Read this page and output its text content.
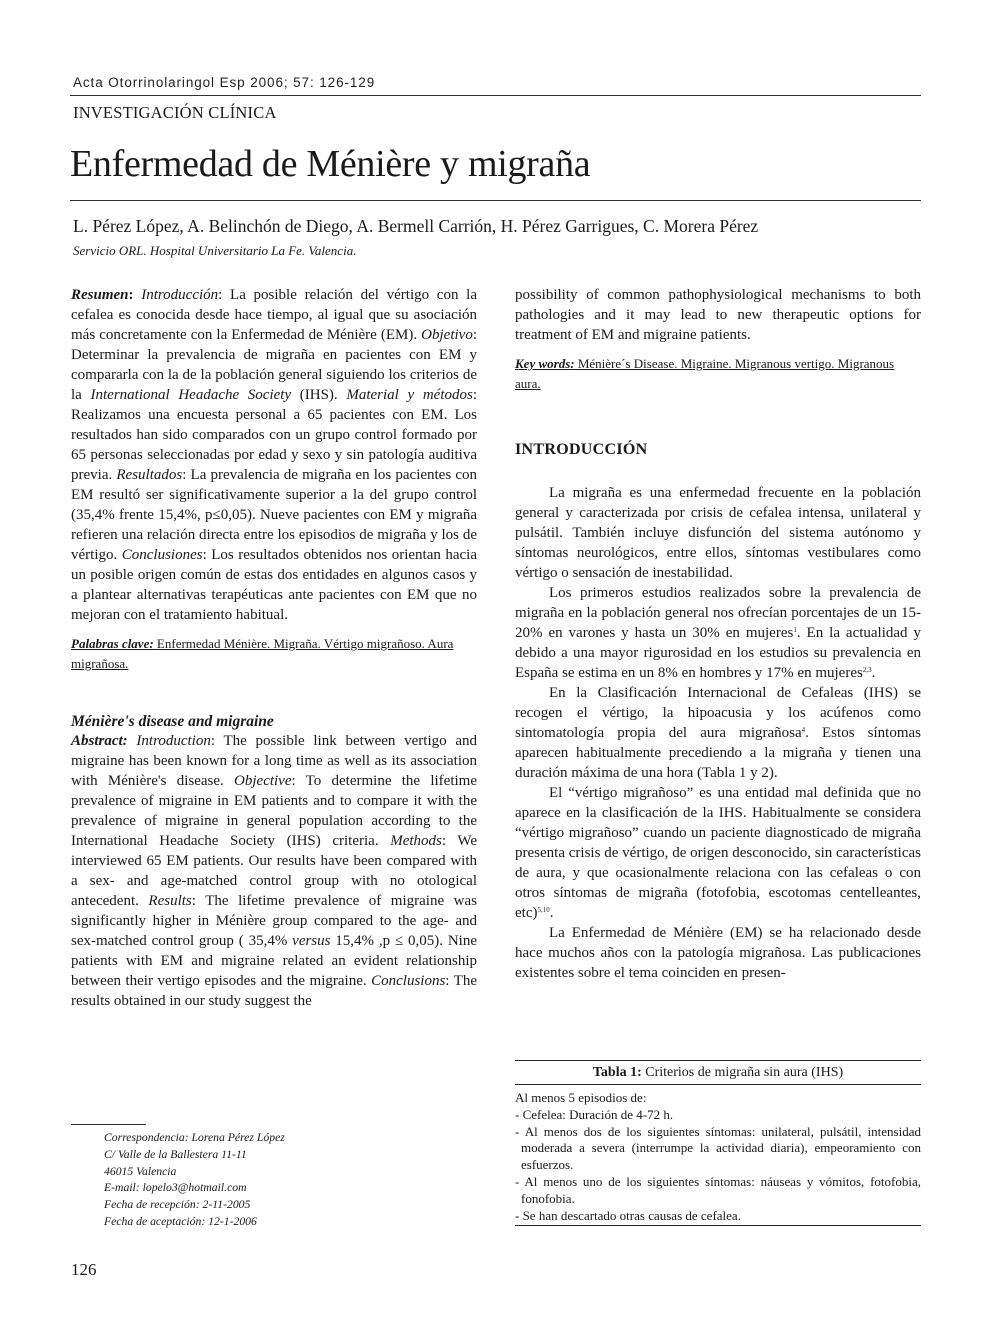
Acta Otorrinolaringol Esp 2006; 57: 126-129
INVESTIGACIÓN CLÍNICA
Enfermedad de Ménière y migraña
L. Pérez López, A. Belinchón de Diego, A. Bermell Carrión, H. Pérez Garrigues, C. Morera Pérez
Servicio ORL. Hospital Universitario La Fe. Valencia.

Resumen: Introducción: La posible relación del vértigo con la cefalea es conocida desde hace tiempo, al igual que su asociación más concretamente con la Enfermedad de Ménière (EM). Objetivo: Determinar la prevalencia de migraña en pacientes con EM y compararla con la de la población general siguiendo los criterios de la International Headache Society (IHS). Material y métodos: Realizamos una encuesta personal a 65 pacientes con EM. Los resultados han sido comparados con un grupo control formado por 65 personas seleccionadas por edad y sexo y sin patología auditiva previa. Resultados: La prevalencia de migraña en los pacientes con EM resultó ser significativamente superior a la del grupo control (35,4% frente 15,4%, p≤0,05). Nueve pacientes con EM y migraña refieren una relación directa entre los episodios de migraña y los de vértigo. Conclusiones: Los resultados obtenidos nos orientan hacia un posible origen común de estas dos entidades en algunos casos y a plantear alternativas terapéuticas ante pacientes con EM que no mejoran con el tratamiento habitual.

Palabras clave: Enfermedad Ménière. Migraña. Vértigo migrañoso. Aura migrañosa.
Ménière's disease and migraine

Abstract: Introduction: The possible link between vertigo and migraine has been known for a long time as well as its association with Ménière's disease. Objective: To determine the lifetime prevalence of migraine in EM patients and to compare it with the prevalence of migraine in general population according to the International Headache Society (IHS) criteria. Methods: We interviewed 65 EM patients. Our results have been compared with a sex- and age-matched control group with no otological antecedent. Results: The lifetime prevalence of migraine was significantly higher in Ménière group compared to the age- and sex-matched control group ( 35,4% versus 15,4% ,p ≤ 0,05). Nine patients with EM and migraine related an evident relationship between their vertigo episodes and the migraine. Conclusions: The results obtained in our study suggest the

Correspondencia: Lorena Pérez López
C/ Valle de la Ballestera 11-11
46015 Valencia
E-mail: lopelo3@hotmail.com
Fecha de recepción: 2-11-2005
Fecha de aceptación: 12-1-2006
126

possibility of common pathophysiological mechanisms to both pathologies and it may lead to new therapeutic options for treatment of EM and migraine patients.

Key words: Ménière´s Disease. Migraine. Migranous vertigo. Migranous aura.
INTRODUCCIÓN

La migraña es una enfermedad frecuente en la población general y caracterizada por crisis de cefalea intensa, unilateral y pulsátil. También incluye disfunción del sistema autónomo y síntomas neurológicos, entre ellos, síntomas vestibulares como vértigo o sensación de inestabilidad.

Los primeros estudios realizados sobre la prevalencia de migraña en la población general nos ofrecían porcentajes de un 15-20% en varones y hasta un 30% en mujeres$^1$. En la actualidad y debido a una mayor rigurosidad en los estudios su prevalencia en España se estima en un 8% en hombres y 17% en mujeres$^{2,3}$.

En la Clasificación Internacional de Cefaleas (IHS) se recogen el vértigo, la hipoacusia y los acúfenos como sintomatología propia del aura migrañosa$^4$. Estos síntomas aparecen habitualmente precediendo a la migraña y tienen una duración máxima de una hora (Tabla 1 y 2).

El “vértigo migrañoso” es una entidad mal definida que no aparece en la clasificación de la IHS. Habitualmente se considera “vértigo migrañoso” cuando un paciente diagnosticado de migraña presenta crisis de vértigo, de origen desconocido, sin características de aura, y que ocasionalmente relaciona con las cefaleas o con otros síntomas de migraña (fotofobia, escotomas centelleantes, etc)$^{5,10}$.

La Enfermedad de Ménière (EM) se ha relacionado desde hace muchos años con la patología migrañosa. Las publicaciones existentes sobre el tema coinciden en presen-

Tabla 1: Criterios de migraña sin aura (IHS)
Al menos 5 episodios de:
- Cefelea: Duración de 4-72 h.
- Al menos dos de los siguientes síntomas: unilateral, pulsátil, intensidad moderada a severa (interrumpe la actividad diaria), empeoramiento con esfuerzos.
- Al menos uno de los siguientes síntomas: náuseas y vómitos, fotofobia, fonofobia.
- Se han descartado otras causas de cefalea.
